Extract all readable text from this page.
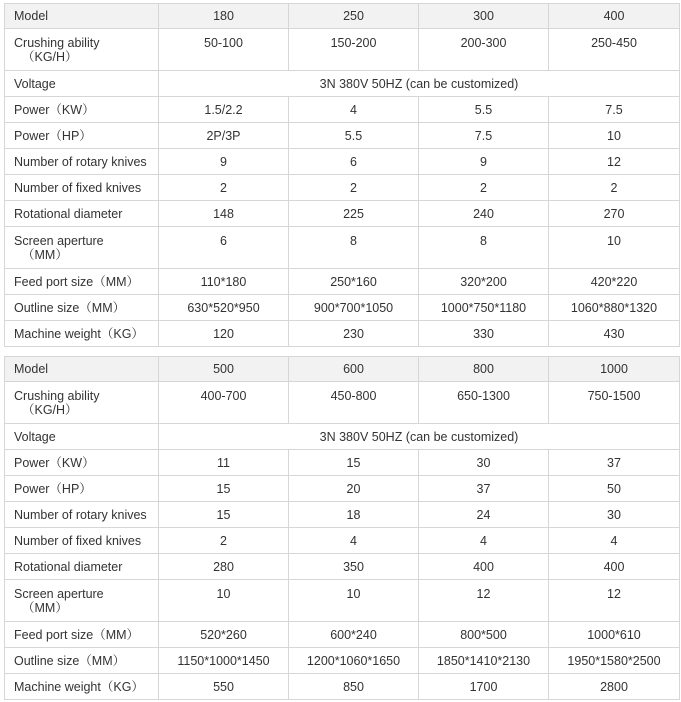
Model	180	250	300	400

Crushing ability
（KG/H）	50-100	150-200	200-300	250-450
Voltage	3N 380V 50HZ (can be customized)			
Power（KW）	1.5/2.2	4	5.5	7.5
Power（HP）	2P/3P	5.5	7.5	10
Number of rotary knives	9	6	9	12
Number of fixed knives	2	2	2	2
Rotational diameter	148	225	240	270

Screen aperture
（MM）	6	8	8	10
Feed port size（MM）	110*180	250*160	320*200	420*220
Outline size（MM）	630*520*950	900*700*1050	1000*750*1180	1060*880*1320
Machine weight（KG）	120	230	330	430
Model	500	600	800	1000

Crushing ability
（KG/H）	400-700	450-800	650-1300	750-1500
Voltage	3N 380V 50HZ (can be customized)			
Power（KW）	11	15	30	37
Power（HP）	15	20	37	50
Number of rotary knives	15	18	24	30
Number of fixed knives	2	4	4	4
Rotational diameter	280	350	400	400

Screen aperture
（MM）	10	10	12	12
Feed port size（MM）	520*260	600*240	800*500	1000*610
Outline size（MM）	1150*1000*1450	1200*1060*1650	1850*1410*2130	1950*1580*2500
Machine weight（KG）	550	850	1700	2800
